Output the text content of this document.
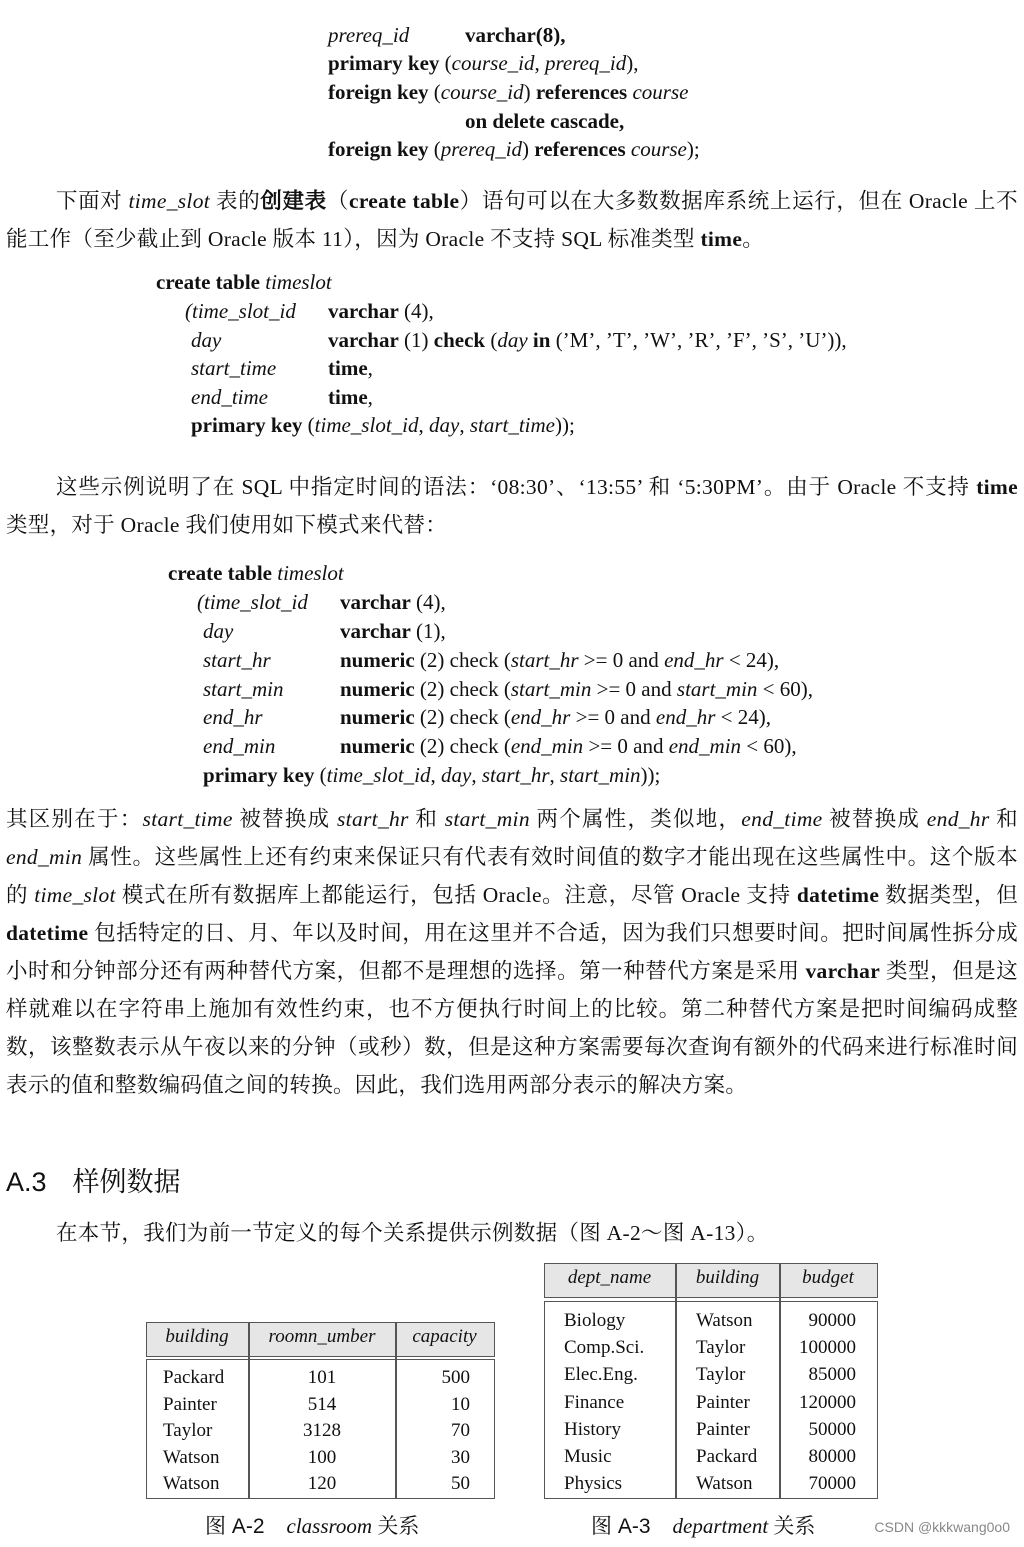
prereq_id	varchar(8),
primary key (course_id, prereq_id),
foreign key (course_id) references course
on delete cascade,
foreign key (prereq_id) references course);
下面对 time_slot 表的创建表（create table）语句可以在大多数数据库系统上运行，但在 Oracle 上不能工作（至少截止到 Oracle 版本 11），因为 Oracle 不支持 SQL 标准类型 time。
create table timeslot
(time_slot_id varchar (4),
day	varchar (1) check (day in (’M’, ’T’, ’W’, ’R’, ’F’, ’S’, ’U’)),
start_time time,
end_time	time,
primary key (time_slot_id, day, start_time));
这些示例说明了在 SQL 中指定时间的语法：‘08:30’、‘13:55’ 和 ‘5:30PM’。由于 Oracle 不支持 time 类型，对于 Oracle 我们使用如下模式来代替：
create table timeslot
(time_slot_id varchar (4),
day	varchar (1),
start_hr	numeric (2) check (start_hr >= 0 and end_hr < 24),
start_min	numeric (2) check (start_min >= 0 and start_min < 60),
end_hr	numeric (2) check (end_hr >= 0 and end_hr < 24),
end_min	numeric (2) check (end_min >= 0 and end_min < 60),
primary key (time_slot_id, day, start_hr, start_min));
其区别在于：start_time 被替换成 start_hr 和 start_min 两个属性，类似地，end_time 被替换成 end_hr 和 end_min 属性。这些属性上还有约束来保证只有代表有效时间值的数字才能出现在这些属性中。这个版本的 time_slot 模式在所有数据库上都能运行，包括 Oracle。注意，尽管 Oracle 支持 datetime 数据类型，但 datetime 包括特定的日、月、年以及时间，用在这里并不合适，因为我们只想要时间。把时间属性拆分成小时和分钟部分还有两种替代方案，但都不是理想的选择。第一种替代方案是采用 varchar 类型，但是这样就难以在字符串上施加有效性约束，也不方便执行时间上的比较。第二种替代方案是把时间编码成整数，该整数表示从午夜以来的分钟（或秒）数，但是这种方案需要每次查询有额外的代码来进行标准时间表示的值和整数编码值之间的转换。因此，我们选用两部分表示的解决方案。
A.3 样例数据
在本节，我们为前一节定义的每个关系提供示例数据（图 A-2～图 A-13）。
building	roomn_umber	capacity
Packard	101	500
Painter	514	10
Taylor	3128	70
Watson	100	30
Watson	120	50
图 A-2 classroom 关系
dept_name	building	budget
Biology	Watson	90000
Comp.Sci.	Taylor	100000
Elec.Eng.	Taylor	85000
Finance	Painter	120000
History	Painter	50000
Music	Packard	80000
Physics	Watson	70000
图 A-3 department 关系	CSDN @kkkwang0o0
